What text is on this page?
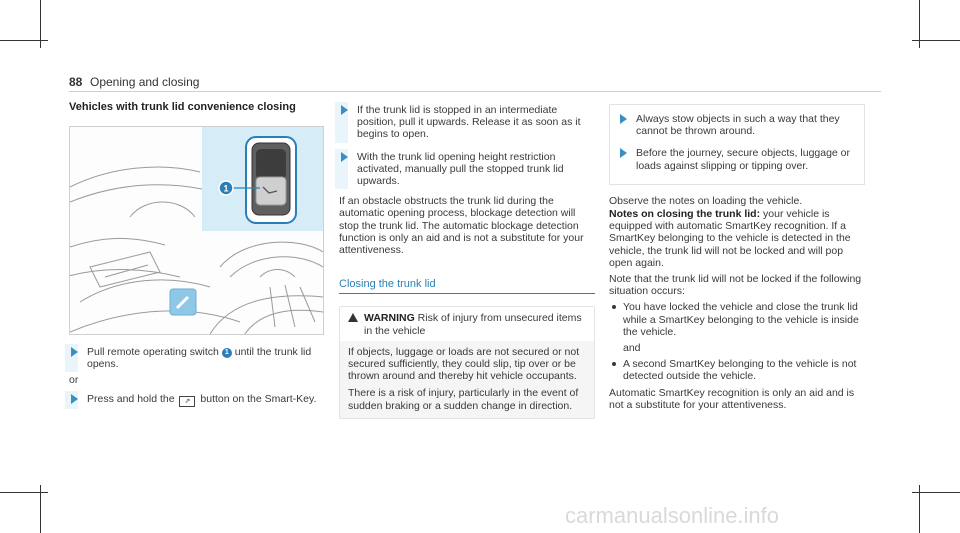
88 Opening and closing
Vehicles with trunk lid convenience closing
1
Pull remote operating switch 1 until the trunk lid opens.

or

Press and hold the ⇗ button on the Smart-Key.
If the trunk lid is stopped in an intermediate position, pull it upwards. Release it as soon as it begins to open.
With the trunk lid opening height restriction activated, manually pull the stopped trunk lid upwards.

If an obstacle obstructs the trunk lid during the automatic opening process, blockage detection will stop the trunk lid. The automatic blockage detection function is only an aid and is not a substitute for your attentiveness.

Closing the trunk lid
WARNING Risk of injury from unsecured items in the vehicle

If objects, luggage or loads are not secured or not secured sufficiently, they could slip, tip over or be thrown around and thereby hit vehicle occupants.

There is a risk of injury, particularly in the event of sudden braking or a sudden change in direction.

Always stow objects in such a way that they cannot be thrown around.
Before the journey, secure objects, luggage or loads against slipping or tipping over.

Observe the notes on loading the vehicle.

Notes on closing the trunk lid: your vehicle is equipped with automatic SmartKey recognition. If a SmartKey belonging to the vehicle is detected in the vehicle, the trunk lid will not be locked and will pop open again.

Note that the trunk lid will not be locked if the following situation occurs:

You have locked the vehicle and close the trunk lid while a SmartKey belonging to the vehicle is inside the vehicle.

and

A second SmartKey belonging to the vehicle is not detected outside the vehicle.

Automatic SmartKey recognition is only an aid and is not a substitute for your attentiveness.

carmanualsonline.info
